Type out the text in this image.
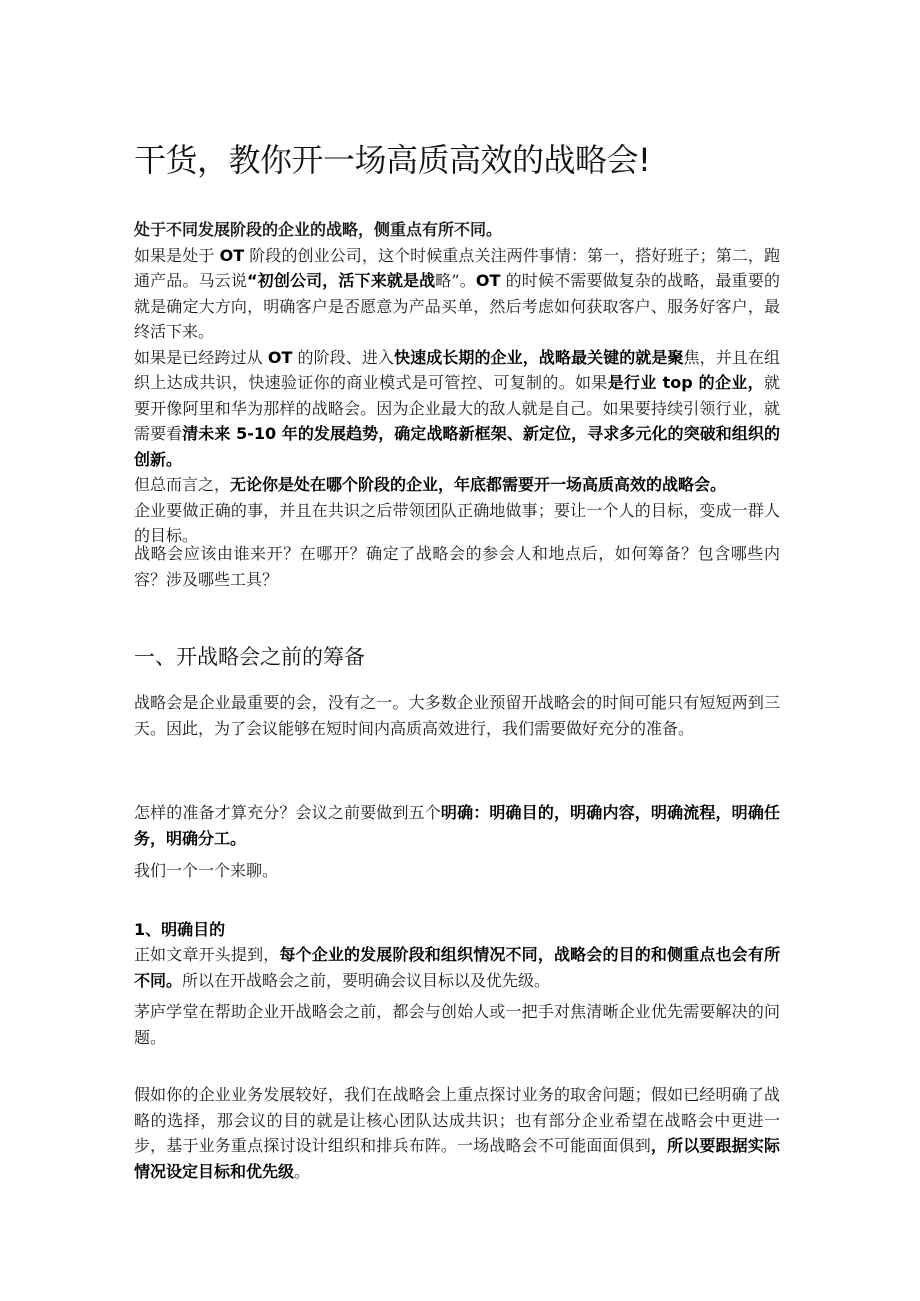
干货，教你开一场高质高效的战略会!
处于不同发展阶段的企业的战略，侧重点有所不同。

如果是处于 OT 阶段的创业公司，这个时候重点关注两件事情：第一，搭好班子；第二，跑通产品。马云说“初创公司，活下来就是战略”。OT 的时候不需要做复杂的战略，最重要的就是确定大方向，明确客户是否愿意为产品买单，然后考虑如何获取客户、服务好客户，最终活下来。

如果是已经跨过从 OT 的阶段、进入快速成长期的企业，战略最关键的就是聚焦，并且在组织上达成共识，快速验证你的商业模式是可管控、可复制的。如果是行业 top 的企业，就要开像阿里和华为那样的战略会。因为企业最大的敌人就是自己。如果要持续引领行业，就需要看清未来 5-10 年的发展趋势，确定战略新框架、新定位，寻求多元化的突破和组织的创新。

但总而言之，无论你是处在哪个阶段的企业，年底都需要开一场高质高效的战略会。
企业要做正确的事，并且在共识之后带领团队正确地做事；要让一个人的目标，变成一群人的目标。

战略会应该由谁来开？在哪开？确定了战略会的参会人和地点后，如何筹备？包含哪些内容？涉及哪些工具？

一、开战略会之前的筹备

战略会是企业最重要的会，没有之一。大多数企业预留开战略会的时间可能只有短短两到三天。因此，为了会议能够在短时间内高质高效进行，我们需要做好充分的准备。

怎样的准备才算充分？会议之前要做到五个明确：明确目的，明确内容，明确流程，明确任务，明确分工。

我们一个一个来聊。

1、明确目的

正如文章开头提到，每个企业的发展阶段和组织情况不同，战略会的目的和侧重点也会有所不同。所以在开战略会之前，要明确会议目标以及优先级。

茅庐学堂在帮助企业开战略会之前，都会与创始人或一把手对焦清晰企业优先需要解决的问题。

假如你的企业业务发展较好，我们在战略会上重点探讨业务的取舍问题；假如已经明确了战略的选择，那会议的目的就是让核心团队达成共识；也有部分企业希望在战略会中更进一步，基于业务重点探讨设计组织和排兵布阵。一场战略会不可能面面俱到，所以要跟据实际情况设定目标和优先级。
